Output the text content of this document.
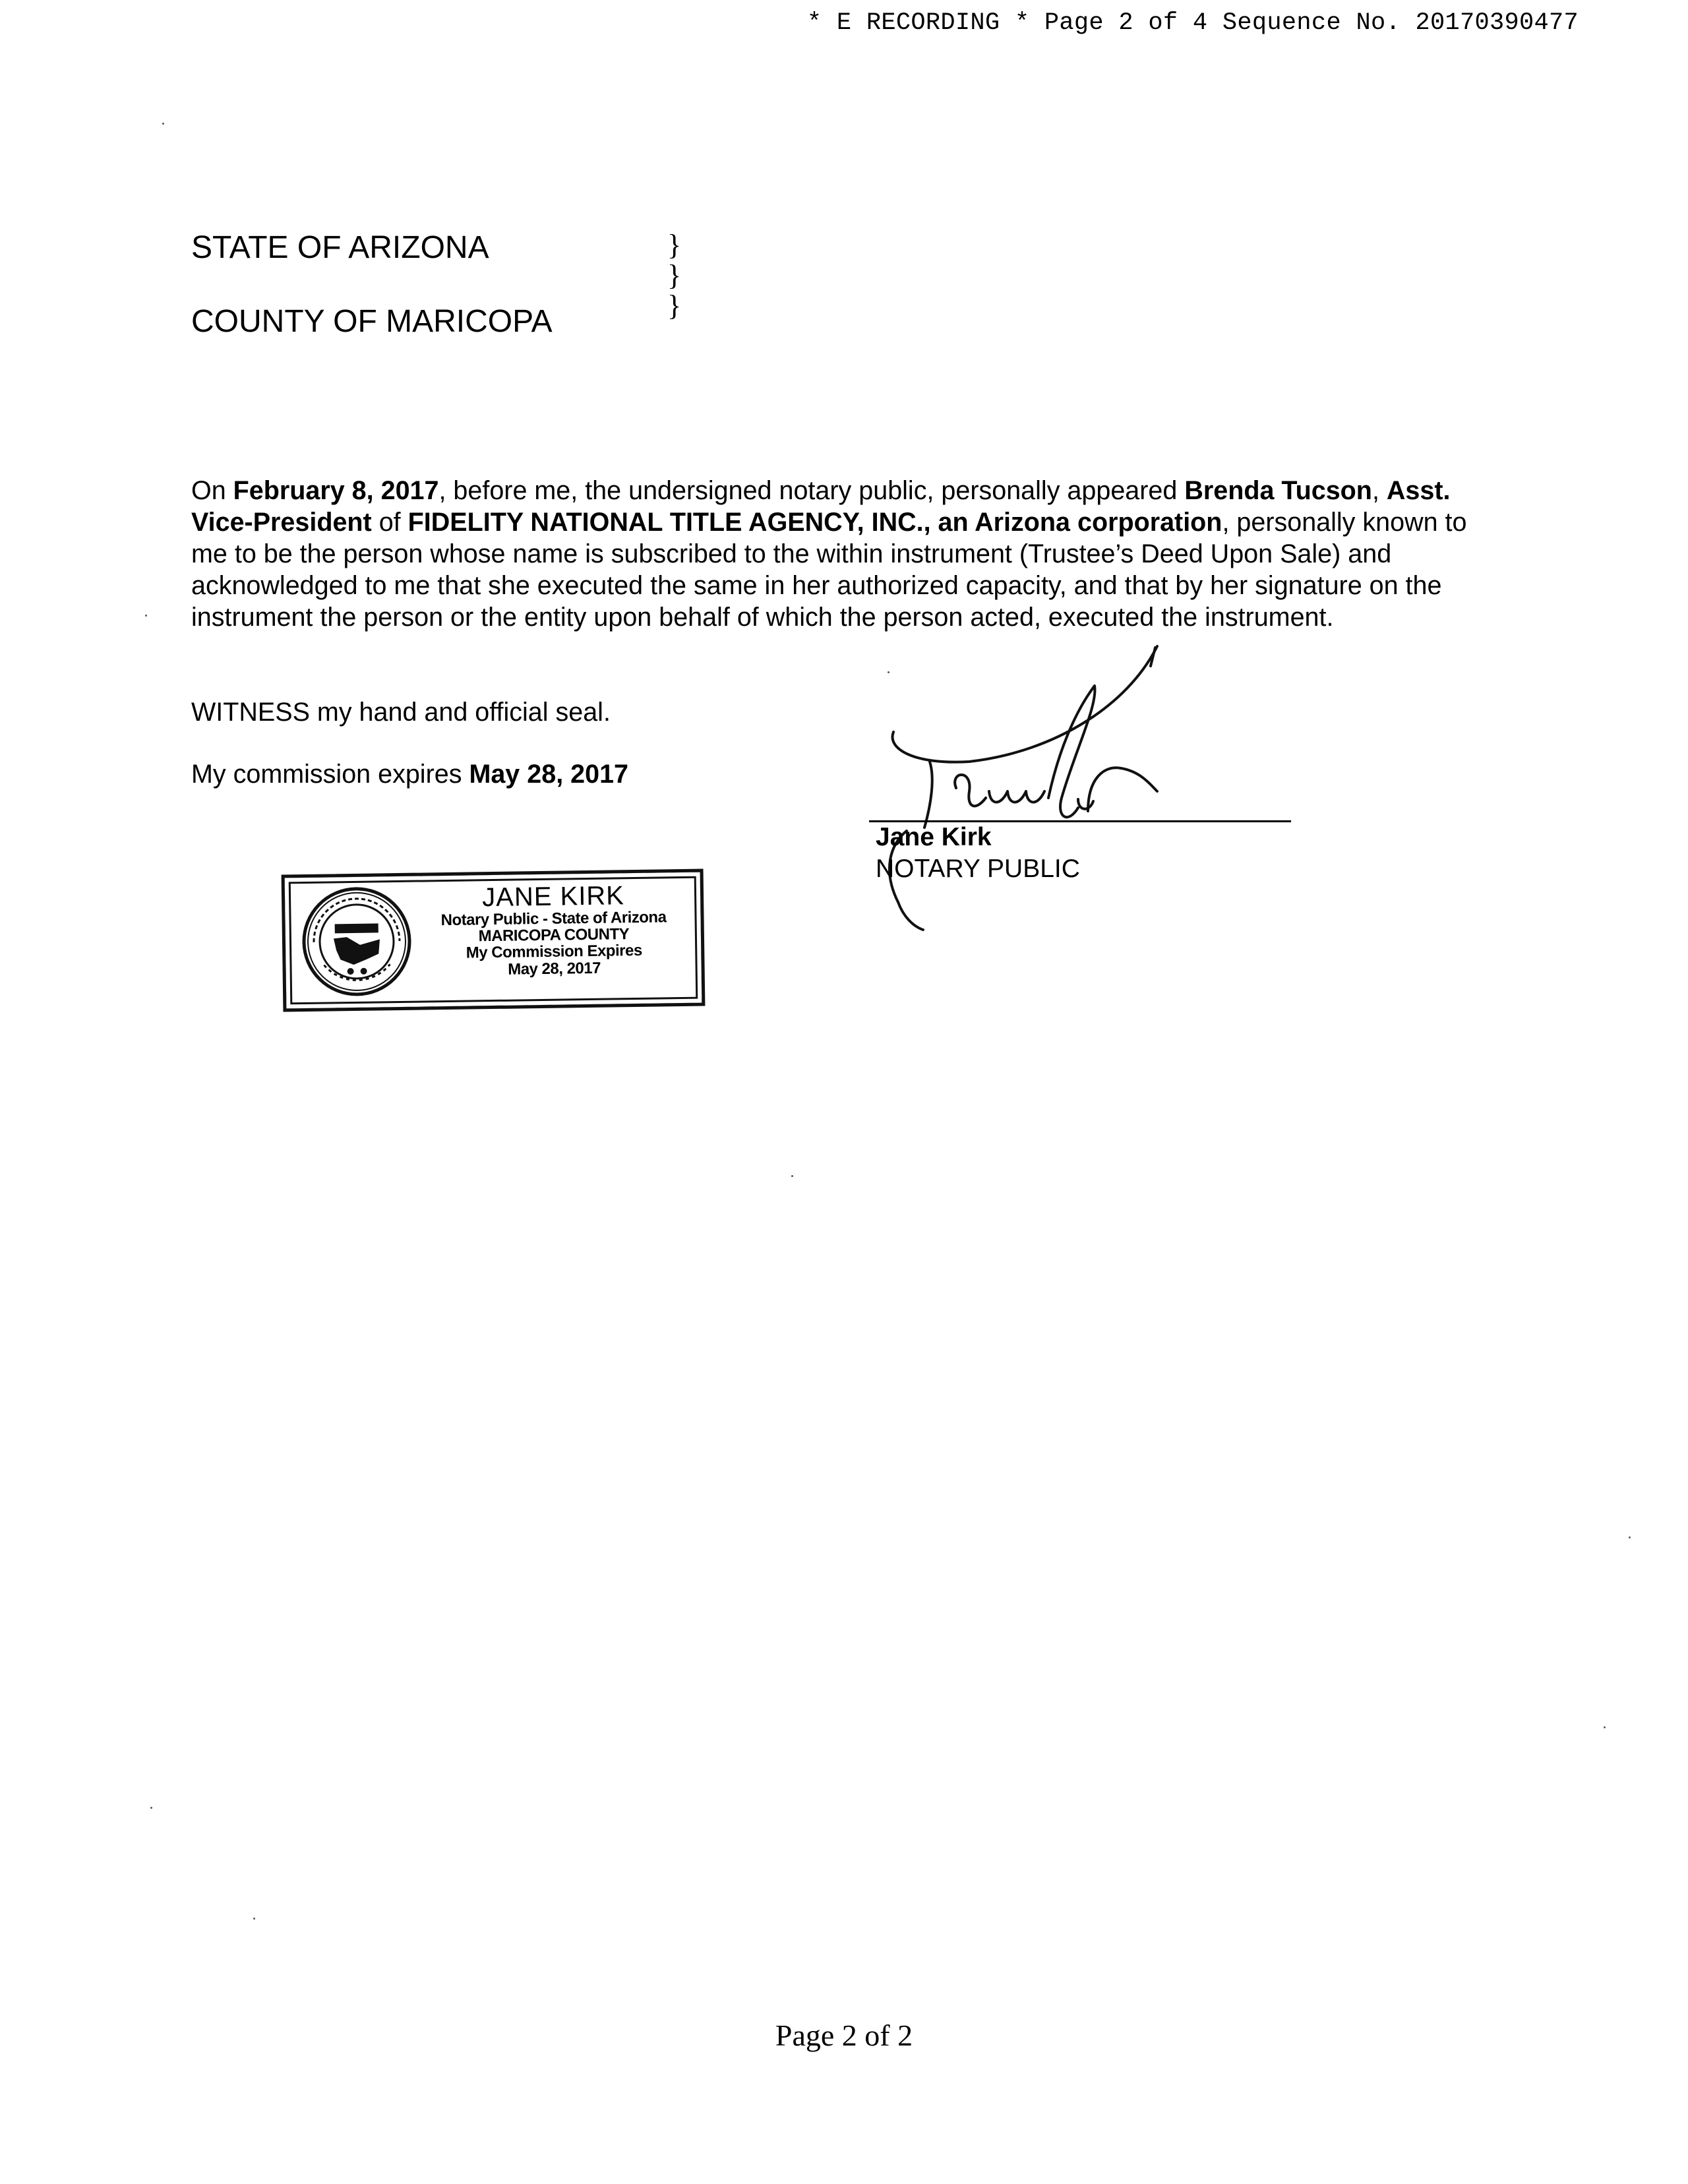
* E RECORDING * Page 2 of 4 Sequence No. 20170390477
STATE OF ARIZONA
COUNTY OF MARICOPA
}
}
}
On February 8, 2017, before me, the undersigned notary public, personally appeared Brenda Tucson, Asst. Vice-President of FIDELITY NATIONAL TITLE AGENCY, INC., an Arizona corporation, personally known to me to be the person whose name is subscribed to the within instrument (Trustee’s Deed Upon Sale) and acknowledged to me that she executed the same in her authorized capacity, and that by her signature on the instrument the person or the entity upon behalf of which the person acted, executed the instrument.
WITNESS my hand and official seal.
My commission expires May 28, 2017
Jane Kirk
NOTARY PUBLIC
JANE KIRK
Notary Public - State of Arizona
MARICOPA COUNTY
My Commission Expires
May 28, 2017
Page 2 of 2
